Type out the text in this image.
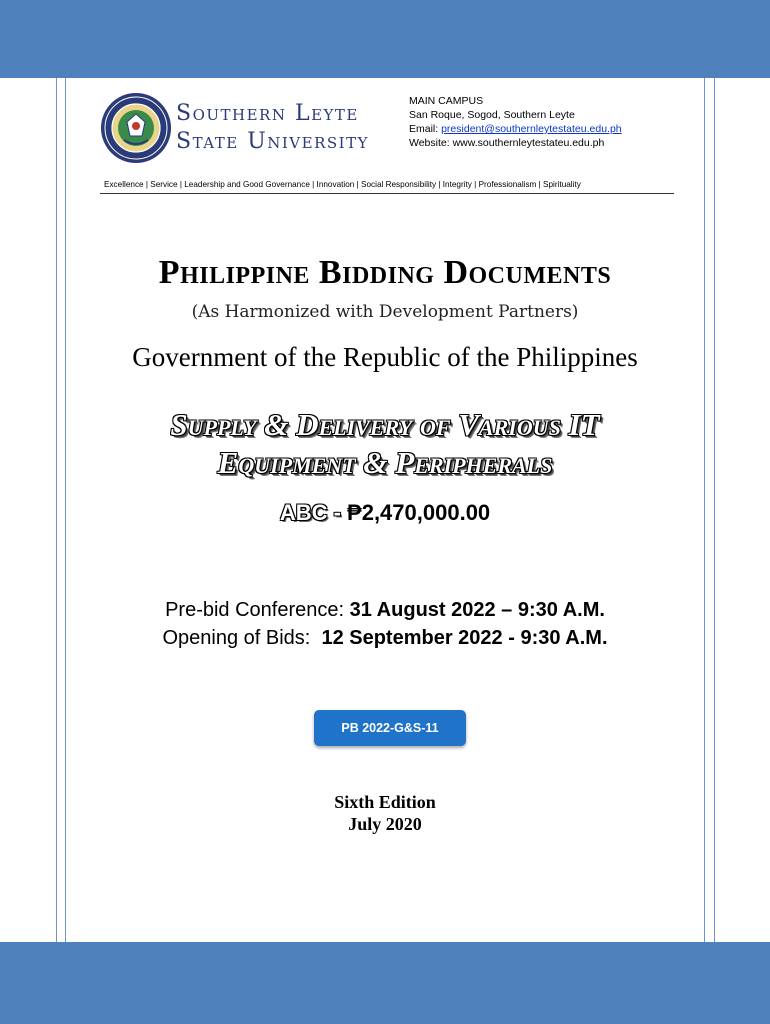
Southern Leyte
State University
MAIN CAMPUS
San Roque, Sogod, Southern Leyte
Email: president@southernleytestateu.edu.ph
Website: www.southernleytestateu.edu.ph
Excellence | Service | Leadership and Good Governance | Innovation | Social Responsibility | Integrity | Professionalism | Spirituality
Philippine Bidding Documents
(As Harmonized with Development Partners)
Government of the Republic of the Philippines
Supply & Delivery of Various IT
Equipment & Peripherals
ABC - ₱2,470,000.00
Pre-bid Conference: 31 August 2022 – 9:30 A.M.
Opening of Bids:  12 September 2022 - 9:30 A.M.
PB 2022-G&S-11
Sixth Edition
July 2020
